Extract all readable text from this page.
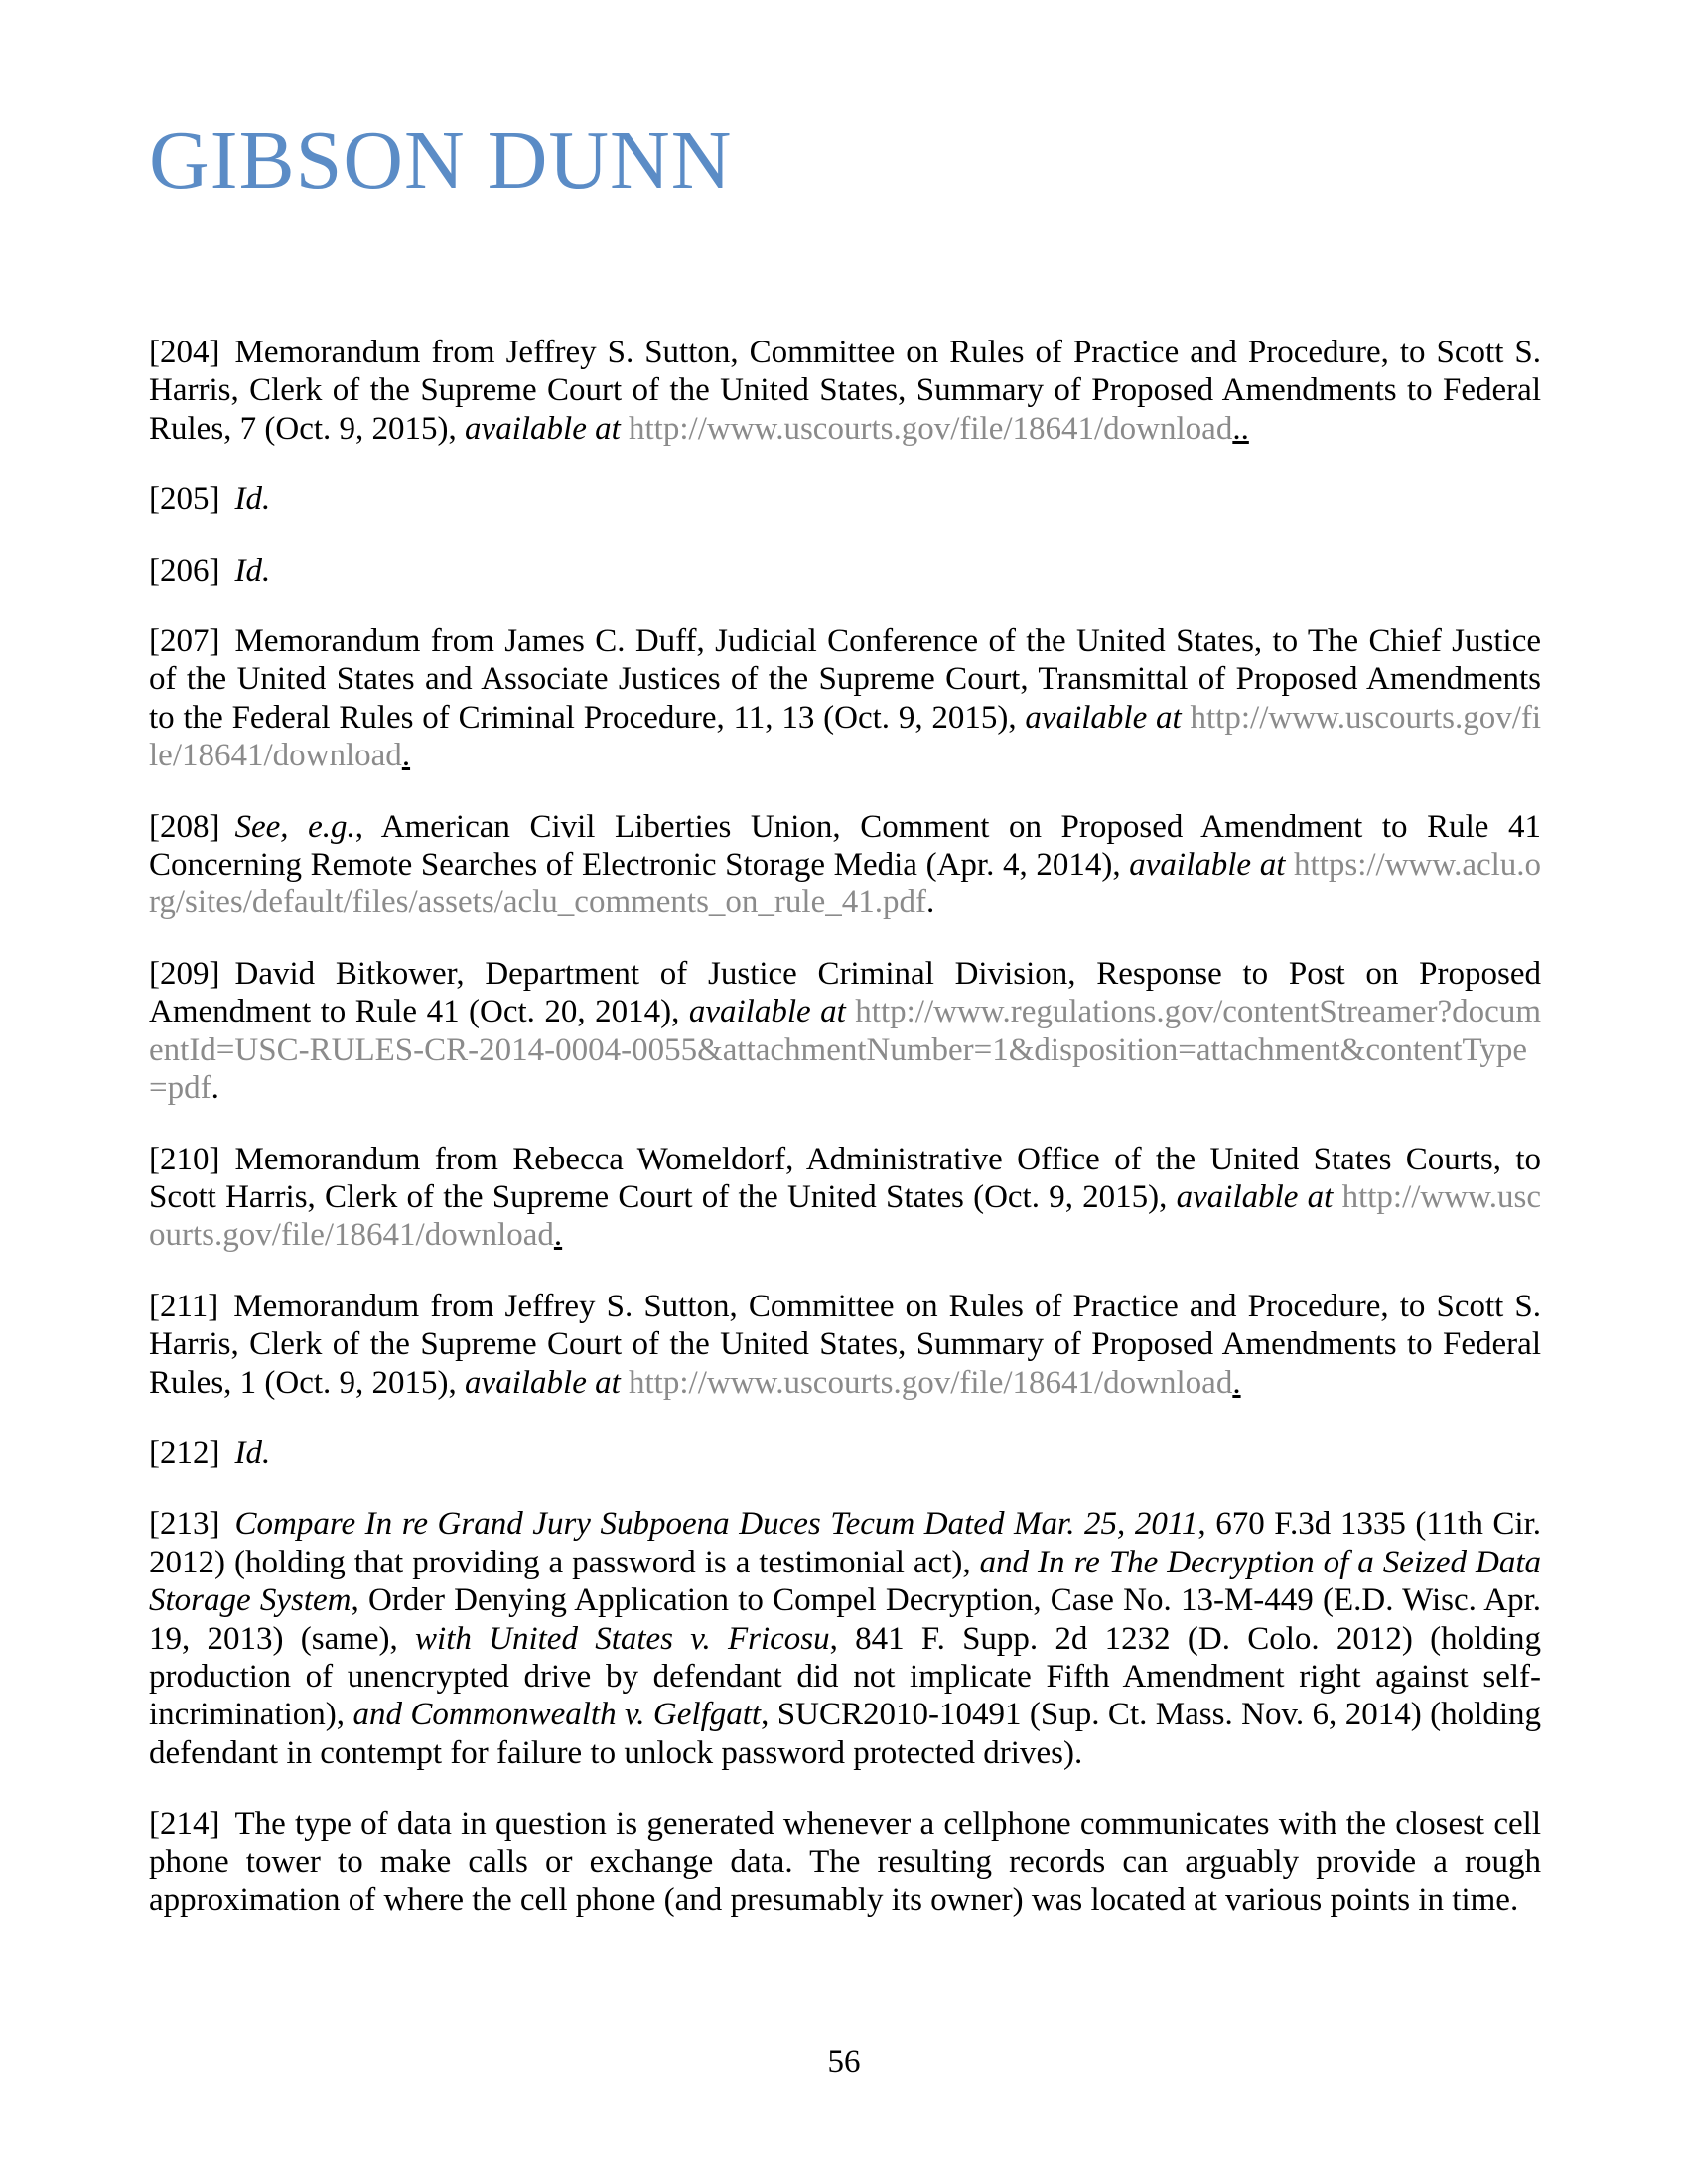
GIBSON DUNN

[204] Memorandum from Jeffrey S. Sutton, Committee on Rules of Practice and Procedure, to Scott S. Harris, Clerk of the Supreme Court of the United States, Summary of Proposed Amendments to Federal Rules, 7 (Oct. 9, 2015), available at http://www.uscourts.gov/file/18641/download..

[205] Id.

[206] Id.

[207] Memorandum from James C. Duff, Judicial Conference of the United States, to The Chief Justice of the United States and Associate Justices of the Supreme Court, Transmittal of Proposed Amendments to the Federal Rules of Criminal Procedure, 11, 13 (Oct. 9, 2015), available at http://www.uscourts.gov/file/18641/download.

[208] See, e.g., American Civil Liberties Union, Comment on Proposed Amendment to Rule 41 Concerning Remote Searches of Electronic Storage Media (Apr. 4, 2014), available at https://www.aclu.org/sites/default/files/assets/aclu_comments_on_rule_41.pdf.

[209] David Bitkower, Department of Justice Criminal Division, Response to Post on Proposed Amendment to Rule 41 (Oct. 20, 2014), available at http://www.regulations.gov/contentStreamer?documentId=USC-RULES-CR-2014-0004-0055&attachmentNumber=1&disposition=attachment&contentType=pdf.

[210] Memorandum from Rebecca Womeldorf, Administrative Office of the United States Courts, to Scott Harris, Clerk of the Supreme Court of the United States (Oct. 9, 2015), available at http://www.uscourts.gov/file/18641/download.

[211] Memorandum from Jeffrey S. Sutton, Committee on Rules of Practice and Procedure, to Scott S. Harris, Clerk of the Supreme Court of the United States, Summary of Proposed Amendments to Federal Rules, 1 (Oct. 9, 2015), available at http://www.uscourts.gov/file/18641/download.

[212] Id.

[213] Compare In re Grand Jury Subpoena Duces Tecum Dated Mar. 25, 2011, 670 F.3d 1335 (11th Cir. 2012) (holding that providing a password is a testimonial act), and In re The Decryption of a Seized Data Storage System, Order Denying Application to Compel Decryption, Case No. 13-M-449 (E.D. Wisc. Apr. 19, 2013) (same), with United States v. Fricosu, 841 F. Supp. 2d 1232 (D. Colo. 2012) (holding production of unencrypted drive by defendant did not implicate Fifth Amendment right against self-incrimination), and Commonwealth v. Gelfgatt, SUCR2010-10491 (Sup. Ct. Mass. Nov. 6, 2014) (holding defendant in contempt for failure to unlock password protected drives).

[214] The type of data in question is generated whenever a cellphone communicates with the closest cell phone tower to make calls or exchange data. The resulting records can arguably provide a rough approximation of where the cell phone (and presumably its owner) was located at various points in time.

56
